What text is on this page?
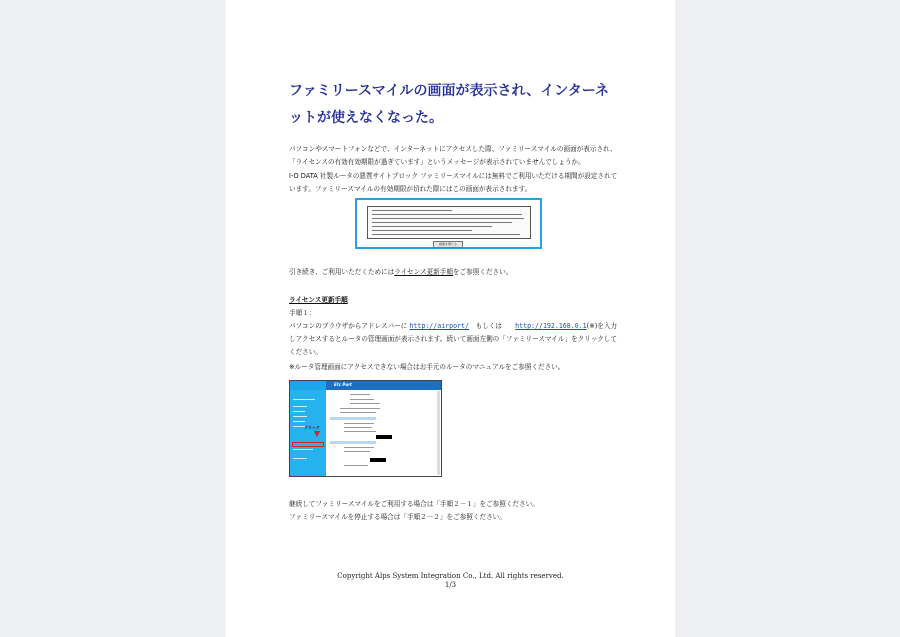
ファミリースマイルの画面が表示され、インターネットが使えなくなった。

パソコンやスマートフォンなどで、インターネットにアクセスした際、ファミリースマイルの画面が表示され、「ライセンスの有効有効期限が過ぎています」というメッセージが表示されていませんでしょうか。

I-O DATA 社製ルータの悪質サイトブロック ファミリースマイルには無料でご利用いただける期間が設定されています。ファミリースマイルの有効期限が切れた際にはこの画面が表示されます。

画面を閉じる

引き続き、ご利用いただくためにはライセンス更新手順をご参照ください。

ライセンス更新手順

手順１：

パソコンのブラウザからアドレスバーに http://airport/　もしくは　　http://192.168.0.1(※)を入力しアクセスするとルータの管理画面が表示されます。続いて画面左側の「ファミリースマイル」をクリックしてください。

※ルータ管理画面にアクセスできない場合はお手元のルータのマニュアルをご参照ください。

Etc Port
クリック

継続してファミリースマイルをご利用する場合は「手順２－１」をご参照ください。

ファミリースマイルを停止する場合は「手順２－２」をご参照ください。

Copyright Alps System Integration Co., Ltd. All rights reserved.

1/3
